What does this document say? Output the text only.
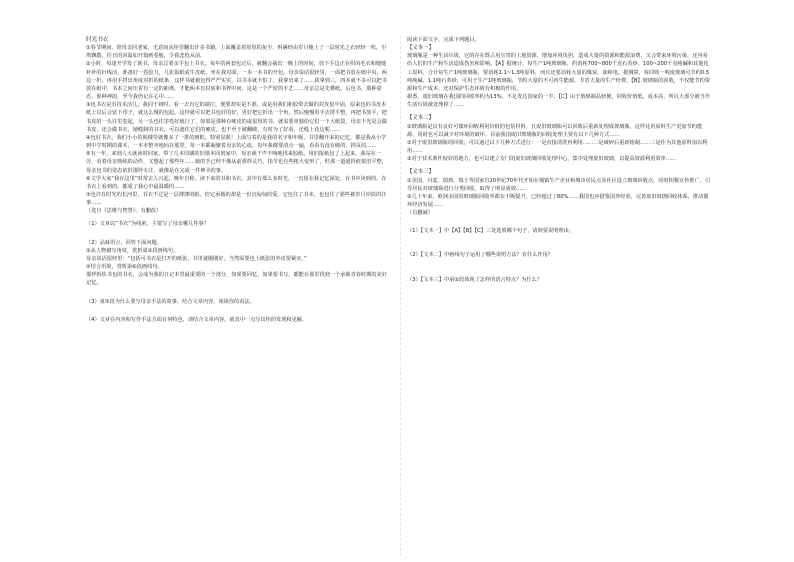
时光书衣

①春节期间，陪母亲回老家，无意间从柜里翻出许多书籍，上面覆盖着厚厚的灰尘，拆裹经由岁月掩上了一层时光之衣轻轻一吹，尘埃飘散，往日的回温如开篇画卷般，令我悲怆从前。

②小时，每逢开学发了新书，母亲总要亲手包上书衣。每年的两套包过后，就翻会抽出一晚上的时间，放下手边正在织的毛衣和缝缝补补的针线活，准备好一卷胶刀，几张报纸或牛皮纸，坐在我对面，一本一本书的开包。母亲说话很轻里，一面把书放在纸中央，两边一折，再用手捋出角度对折的纸条，这样书就被包得严严实实，以书本就不怕了。我拿出来了……我拿到三，四本就不多可以把书放在纸中，书本之间压着有一定的距离，才能两本有封底和书脊中间，这是一个严密的手艺……母亲总是先叠纸，后包书，那种姿态，那种神韵，至今我仍记在心中……

③包书衣是有技术活儿，我同于初时，看一去有它的端庄，便要却实是不准，或是用我们和胶带去做的封皮很牢固，原来包的书皮本纸上以后会留下印子，就这么慢的包起，这样就可以把书包好的好，更好把它折出一个角，然后慢慢用手去捋平整，再把书放平，把书皮的一头往里卷起，另一头也往里卷好就行了。如果是那种有硬皮的或很厚的书，就需要单独给它们一个大纸袋，母亲不光是会做书皮，还会做书衣，她缝制的书衣，可以遮住它们的硬皮，也不至于被翻破，有时为了好看，还缝上花边呢……

④包好书衣，我们小小的阁楼里就像多了一排的画框，特别显眼！上面写着的是我的名字和年级，书里翻开来的记忆，都是我从小学到中学时期的课本，一本本整齐地码在那里，每一本都凝聚着母亲的心血。每年我都要清点一遍，看看有没有破的，掉页的……

⑤有一年，来到人大就读时回家，带了几本印刷的旧课本回到家中，母亲就干声不响地找来胶纸，用旧报纸包了上起来。我站在一旁，看着母亲熟练的动作，又想起了那些年……她的手已经不像从前那样灵巧，指节也有些粗大变形了，但那一道道折痕依旧平整，母亲包书的姿态依旧那样专注，就像是在完成一件神圣的事。

⑥文学大家“我在这里”时常去人兴起，晚年自称，读下来的书和书衣，其中有那么多时光，一直留在我记忆深处，在书中读到的，在书衣上看到的，都成了我心中最温暖的……

⑦也许在时光的长河里，书衣不过是一层薄薄的纸，但它承载的却是一份沉甸甸的爱。它包住了书本，也包住了那些被岁月冲淡的往事……

（选自《思维与智慧》，有删改）

（1）文章以“书衣”为线索，主要写了母亲哪几件事？

（2）品味语言，回答下面问题。

①从人物描写角度，赏析第②段画线句。

母亲说话很轻里：“包括可书衣是打开的纸张，书里就刚刚好，当然需要也上纸张的外皮要紧实。”

②结合语境，赏析第⑥段画线句。

那样拆状书包的书衣，会成为我的日记本里最重要的一个部分，如果要回忆，如果要书写，都能在那里找到一个承载青春时期的美好记忆。

（3）第⑦段为什么要写母亲手法的故事，结合文章内容，谈谈你的看法。

（4）文章在内容和写作手法方面有何特色，请结合文章内容，就其中一点写出你的发现和见解。

阅读下面文字，完成下列题目。

【文本一】

玻璃瓶是一种生活垃圾，它的存在既占用宝贵的土地资源，增加环境负担，造成大量的资源和能源浪费，又会带来环境污染，还容易给人们的生产和生活造成伤害和影响。【A】据统计，每生产1吨玻璃瓶，约消耗700~800千克石英砂、100~200千克纯碱和其他化工原料，合计每生产1吨玻璃瓶，要消耗1.1~1.3吨原料，而且还要消耗大量的煤炭、油和电。据测算，每回收一吨废玻璃可节约0.5吨纯碱、1.1吨石英砂，可用于生产1吨玻璃瓶，节约大量的不可再生能源，节省大量的生产经费。【B】玻璃瓶的回收，不仅能节约资源和生产成本，还对保护生态环境有积极的作用。

据悉，废旧玻璃在我国的回收率约为13%，不足发达国家的一半。【C】由于玻璃制品轻便，回收价值低，成本高，所以大部分被当作生活垃圾被处理掉了……

【文本二】

①玻璃瓶是具有良好可循环回收利用价值的包装材料，且废旧玻璃瓶可以回收后重新处理成玻璃瓶，这样比用原料生产更加节约能源，同时也可以减少对环境的破坏。目前我国废旧玻璃瓶的回收处理主要有以下几种方式……

②对于废旧玻璃瓶的回收，可以通过以下几种方式进行：一是直接清洗再利用……二是破碎后重新熔制……三是作为其他原料加以利用……

③对于技术条件较好的地方，也可以建立专门的废旧玻璃回收处理中心，集中处理废旧玻璃，以提高资源利用效率……

【文本三】

①美国、丹麦、瑞典、瑞士等国家自20世纪70年代开始在城镇生产企业和城市居民点及社区设立玻璃回收点，同时积极宣传推广，引导居民对玻璃瓶进行分类回收，取得了明显成效……

②几十年来，欧洲多国的玻璃瓶回收率都在不断提升，已经超过了80%……我国也应借鉴国外经验，完善废旧玻璃回收体系，推动循环经济发展……

（有删减）

（1）【文本一】中【A】【B】【C】三处选填哪个句子，请简要说明理由。

（2）【文本二】中画线句子运用了哪些说明方法？有什么作用？

（3）【文本三】中第②段体现了怎样的语言特点？为什么？
